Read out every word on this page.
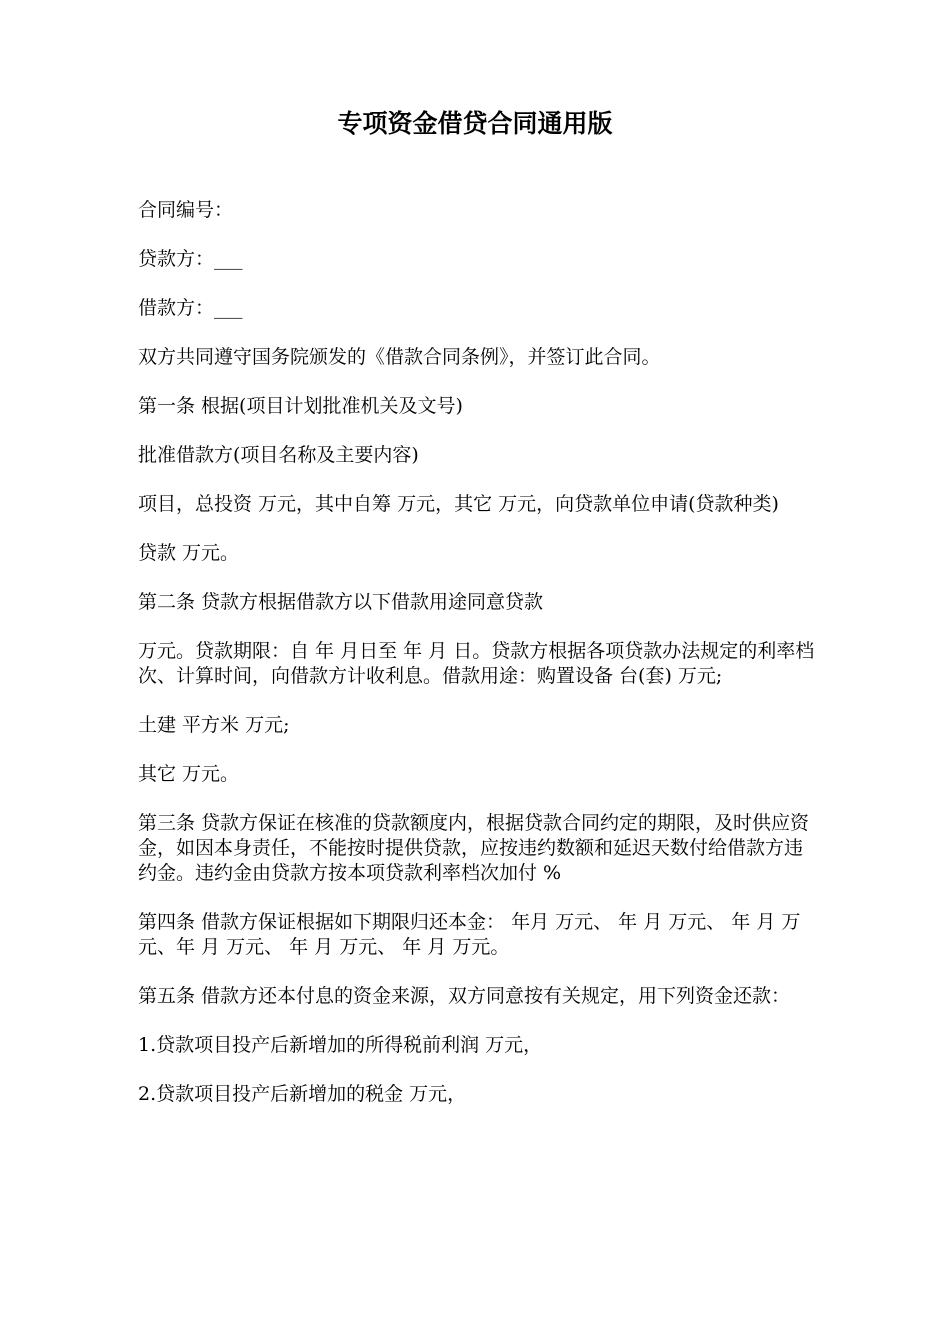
专项资金借贷合同通用版

合同编号：

贷款方：___

借款方：___

双方共同遵守国务院颁发的《借款合同条例》，并签订此合同。

第一条 根据(项目计划批准机关及文号)

批准借款方(项目名称及主要内容)

项目，总投资 万元，其中自筹 万元，其它 万元，向贷款单位申请(贷款种类)

贷款 万元。

第二条 贷款方根据借款方以下借款用途同意贷款

万元。贷款期限：自 年 月日至 年 月 日。贷款方根据各项贷款办法规定的利率档次、计算时间，向借款方计收利息。借款用途：购置设备 台(套) 万元;

土建 平方米 万元;

其它 万元。

第三条 贷款方保证在核准的贷款额度内，根据贷款合同约定的期限，及时供应资金，如因本身责任，不能按时提供贷款，应按违约数额和延迟天数付给借款方违约金。违约金由贷款方按本项贷款利率档次加付 %

第四条 借款方保证根据如下期限归还本金： 年月 万元、 年 月 万元、 年 月 万元、年 月 万元、 年 月 万元、 年 月 万元。

第五条 借款方还本付息的资金来源，双方同意按有关规定，用下列资金还款：

1.贷款项目投产后新增加的所得税前利润 万元，

2.贷款项目投产后新增加的税金 万元，
